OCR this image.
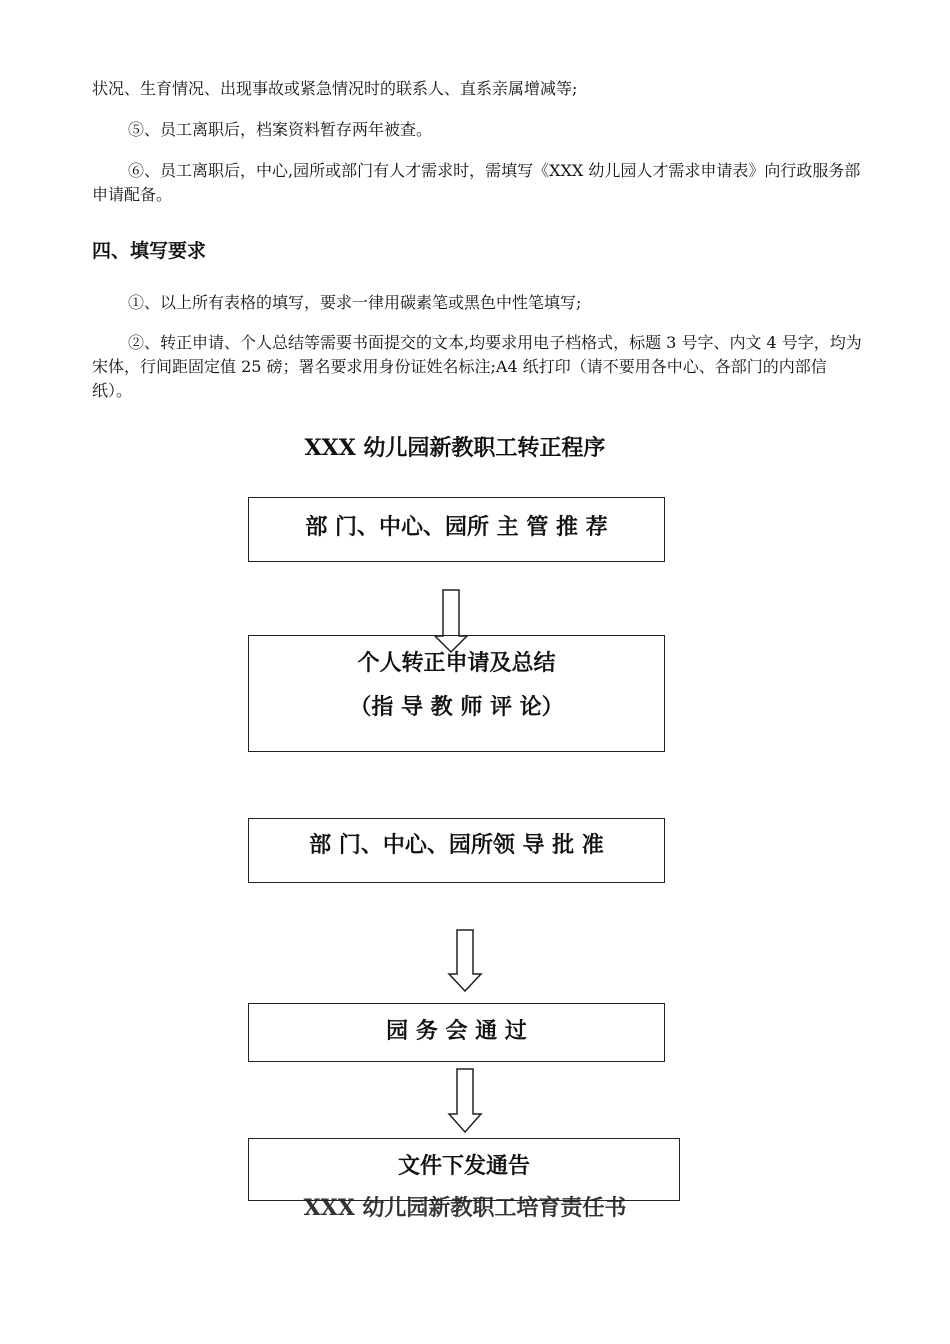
状况、生育情况、出现事故或紧急情况时的联系人、直系亲属增减等;

⑤、员工离职后，档案资料暂存两年被查。

⑥、员工离职后，中心,园所或部门有人才需求时，需填写《XXX 幼儿园人才需求申请表》向行政服务部申请配备。

四、填写要求

①、以上所有表格的填写，要求一律用碳素笔或黑色中性笔填写;

②、转正申请、个人总结等需要书面提交的文本,均要求用电子档格式，标题 3 号字、内文 4 号字，均为宋体，行间距固定值 25 磅；署名要求用身份证姓名标注;A4 纸打印（请不要用各中心、各部门的内部信纸）。

XXX 幼儿园新教职工转正程序
部 门、中心、园所 主 管 推 荐
个人转正申请及总结
（指 导 教 师 评 论）
部 门、中心、园所领 导 批 准
园 务 会 通 过
XXX 幼儿园新教职工培育责任书
文件下发通告
